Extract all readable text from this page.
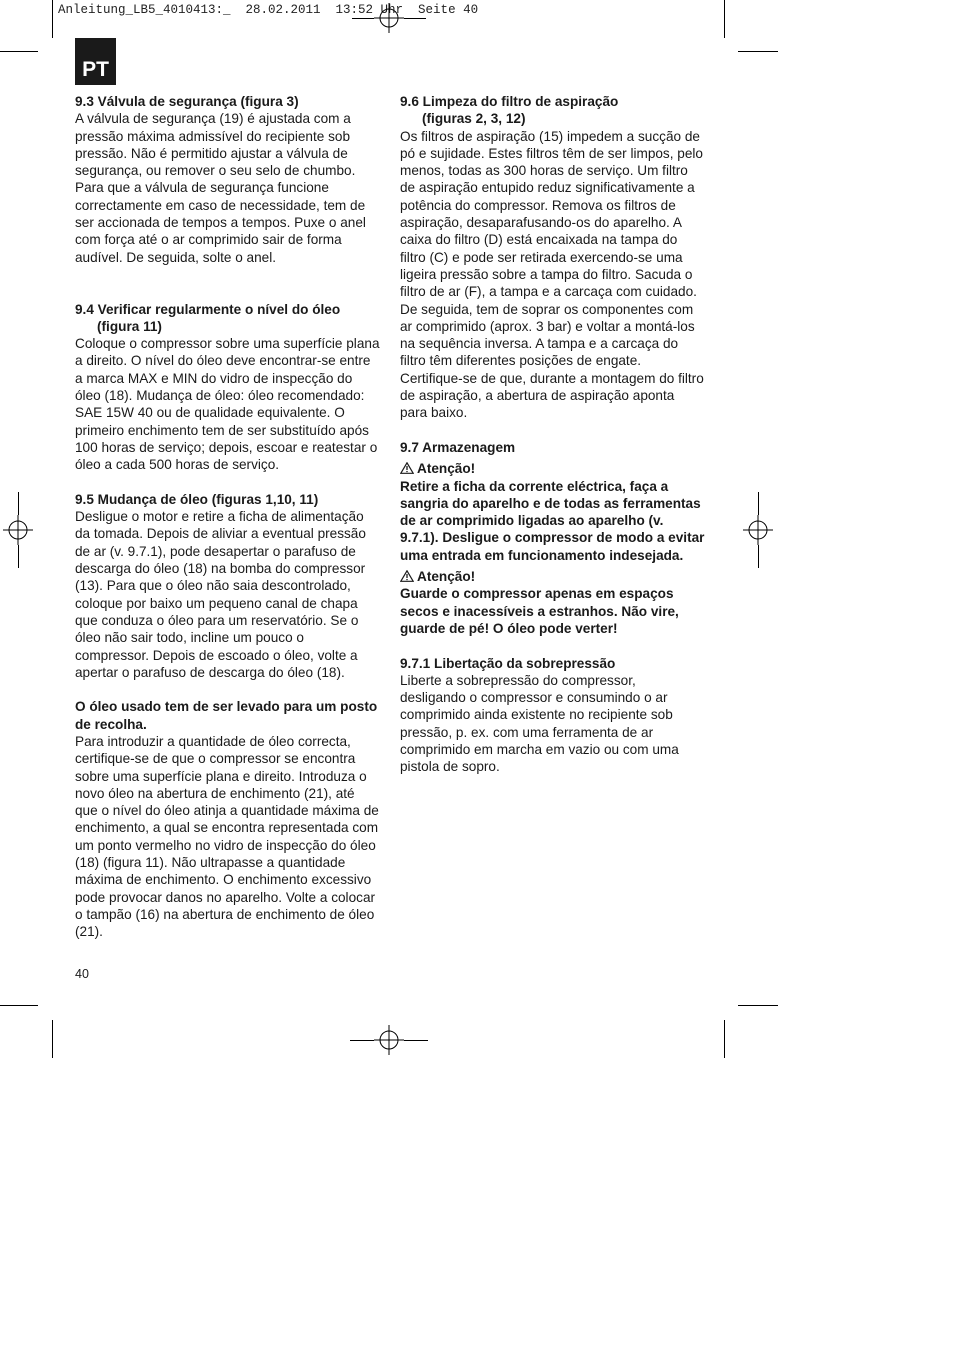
Anleitung_LB5_4010413:_  28.02.2011  13:52 Uhr  Seite 40
PT

9.3 Válvula de segurança (figura 3)

A válvula de segurança (19) é ajustada com a pressão máxima admissível do recipiente sob pressão. Não é permitido ajustar a válvula de segurança, ou remover o seu selo de chumbo. Para que a válvula de segurança funcione correctamente em caso de necessidade, tem de ser accionada de tempos a tempos. Puxe o anel com força até o ar comprimido sair de forma audível. De seguida, solte o anel.

9.4 Verificar regularmente o nível do óleo
(figura 11)

Coloque o compressor sobre uma superfície plana a direito. O nível do óleo deve encontrar-se entre a marca MAX e MIN do vidro de inspecção do óleo (18). Mudança de óleo: óleo recomendado: SAE 15W 40 ou de qualidade equivalente. O primeiro enchimento tem de ser substituído após 100 horas de serviço; depois, escoar e reatestar o óleo a cada 500 horas de serviço.

9.5 Mudança de óleo (figuras 1,10, 11)

Desligue o motor e retire a ficha de alimentação da tomada. Depois de aliviar a eventual pressão de ar (v. 9.7.1), pode desapertar o parafuso de descarga do óleo (18) na bomba do compressor (13). Para que o óleo não saia descontrolado, coloque por baixo um pequeno canal de chapa que conduza o óleo para um reservatório. Se o óleo não sair todo, incline um pouco o compressor. Depois de escoado o óleo, volte a apertar o parafuso de descarga do óleo (18).

O óleo usado tem de ser levado para um posto de recolha.

Para introduzir a quantidade de óleo correcta, certifique-se de que o compressor se encontra sobre uma superfície plana e direito. Introduza o novo óleo na abertura de enchimento (21), até que o nível do óleo atinja a quantidade máxima de enchimento, a qual se encontra representada com um ponto vermelho no vidro de inspecção do óleo (18) (figura 11). Não ultrapasse a quantidade máxima de enchimento. O enchimento excessivo pode provocar danos no aparelho. Volte a colocar o tampão (16) na abertura de enchimento de óleo (21).

9.6 Limpeza do filtro de aspiração
(figuras 2, 3, 12)

Os filtros de aspiração (15) impedem a sucção de pó e sujidade. Estes filtros têm de ser limpos, pelo menos, todas as 300 horas de serviço. Um filtro de aspiração entupido reduz significativamente a potência do compressor. Remova os filtros de aspiração, desaparafusando-os do aparelho. A caixa do filtro (D) está encaixada na tampa do filtro (C) e pode ser retirada exercendo-se uma ligeira pressão sobre a tampa do filtro. Sacuda o filtro de ar (F), a tampa e a carcaça com cuidado. De seguida, tem de soprar os componentes com ar comprimido (aprox. 3 bar) e voltar a montá-los na sequência inversa. A tampa e a carcaça do filtro têm diferentes posições de engate. Certifique-se de que, durante a montagem do filtro de aspiração, a abertura de aspiração aponta para baixo.

9.7 Armazenagem

Atenção!

Retire a ficha da corrente eléctrica, faça a sangria do aparelho e de todas as ferramentas de ar comprimido ligadas ao aparelho (v. 9.7.1). Desligue o compressor de modo a evitar uma entrada em funcionamento indesejada.

Atenção!

Guarde o compressor apenas em espaços secos e inacessíveis a estranhos. Não vire, guarde de pé! O óleo pode verter!

9.7.1 Libertação da sobrepressão

Liberte a sobrepressão do compressor, desligando o compressor e consumindo o ar comprimido ainda existente no recipiente sob pressão, p. ex. com uma ferramenta de ar comprimido em marcha em vazio ou com uma pistola de sopro.

40
